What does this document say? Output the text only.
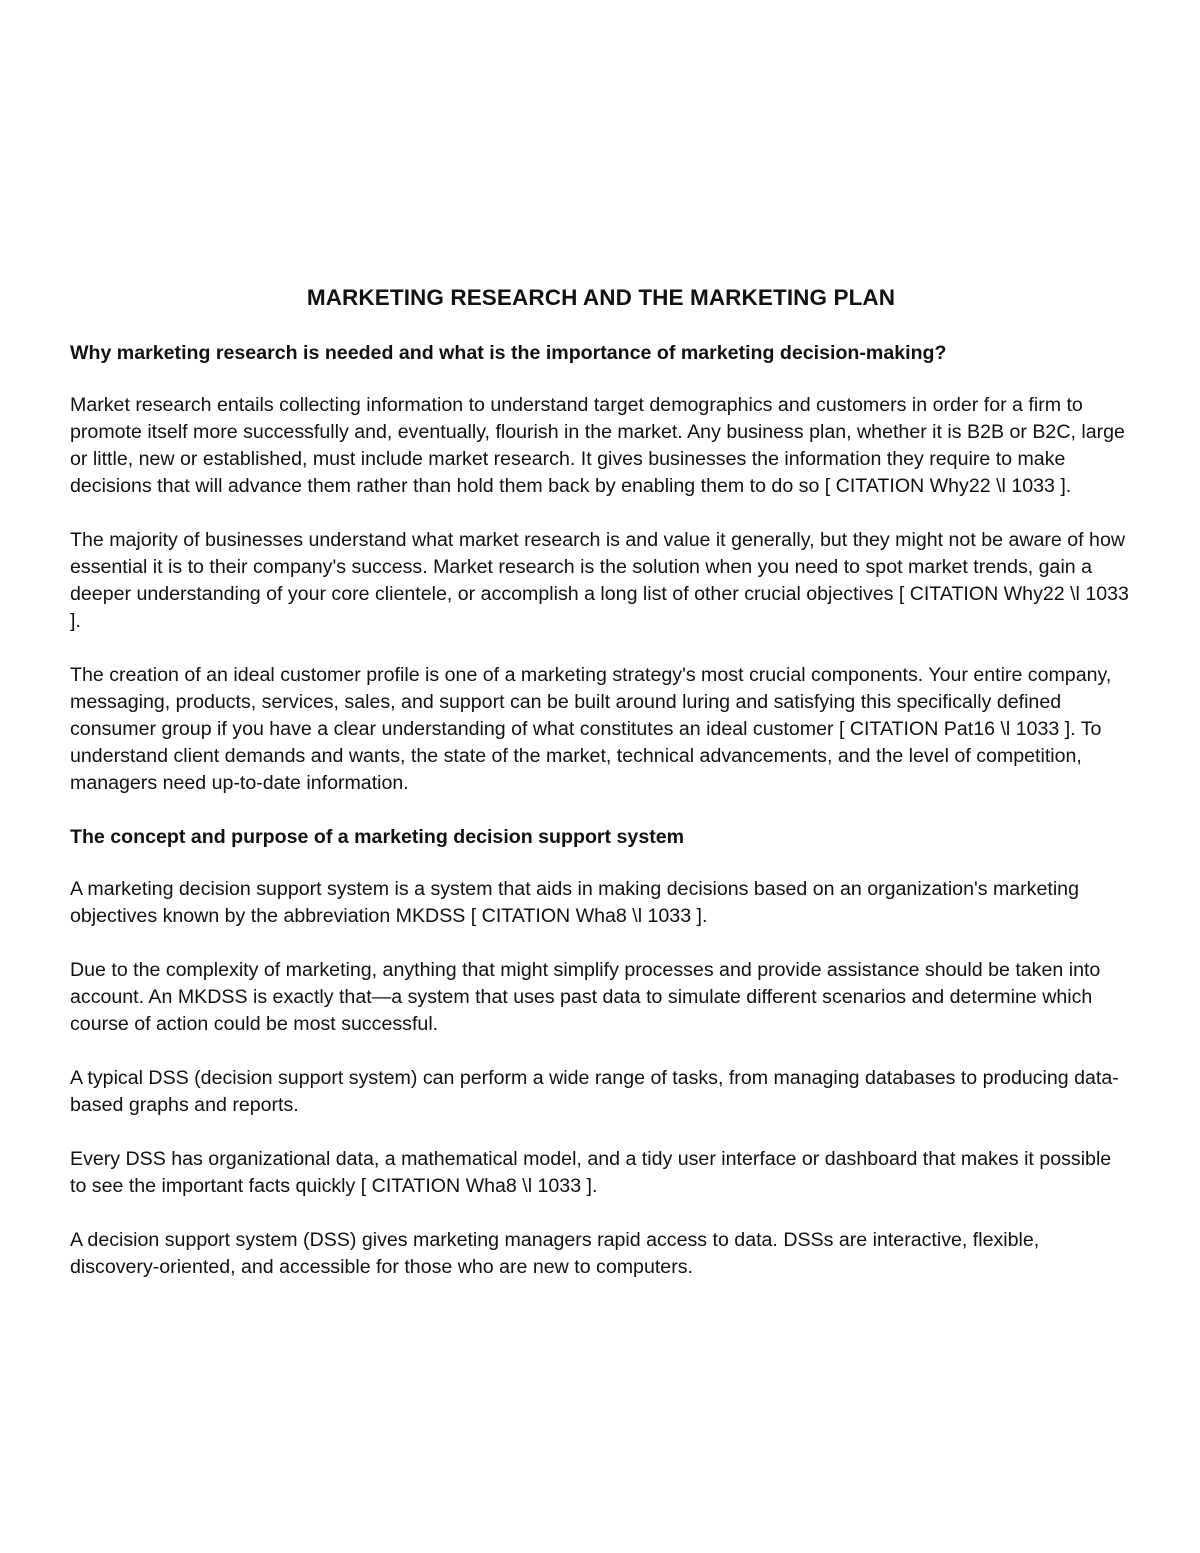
MARKETING RESEARCH AND THE MARKETING PLAN
Why marketing research is needed and what is the importance of marketing decision-making?

Market research entails collecting information to understand target demographics and customers in order for a firm to promote itself more successfully and, eventually, flourish in the market. Any business plan, whether it is B2B or B2C, large or little, new or established, must include market research. It gives businesses the information they require to make decisions that will advance them rather than hold them back by enabling them to do so [ CITATION Why22 \l 1033 ].

The majority of businesses understand what market research is and value it generally, but they might not be aware of how essential it is to their company's success. Market research is the solution when you need to spot market trends, gain a deeper understanding of your core clientele, or accomplish a long list of other crucial objectives [ CITATION Why22 \l 1033 ].

The creation of an ideal customer profile is one of a marketing strategy's most crucial components. Your entire company, messaging, products, services, sales, and support can be built around luring and satisfying this specifically defined consumer group if you have a clear understanding of what constitutes an ideal customer [ CITATION Pat16 \l 1033 ]. To understand client demands and wants, the state of the market, technical advancements, and the level of competition, managers need up-to-date information.

The concept and purpose of a marketing decision support system

A marketing decision support system is a system that aids in making decisions based on an organization's marketing objectives known by the abbreviation MKDSS [ CITATION Wha8 \l 1033 ].

Due to the complexity of marketing, anything that might simplify processes and provide assistance should be taken into account. An MKDSS is exactly that—a system that uses past data to simulate different scenarios and determine which course of action could be most successful.

A typical DSS (decision support system) can perform a wide range of tasks, from managing databases to producing data-based graphs and reports.

Every DSS has organizational data, a mathematical model, and a tidy user interface or dashboard that makes it possible to see the important facts quickly [ CITATION Wha8 \l 1033 ].

A decision support system (DSS) gives marketing managers rapid access to data. DSSs are interactive, flexible, discovery-oriented, and accessible for those who are new to computers.
